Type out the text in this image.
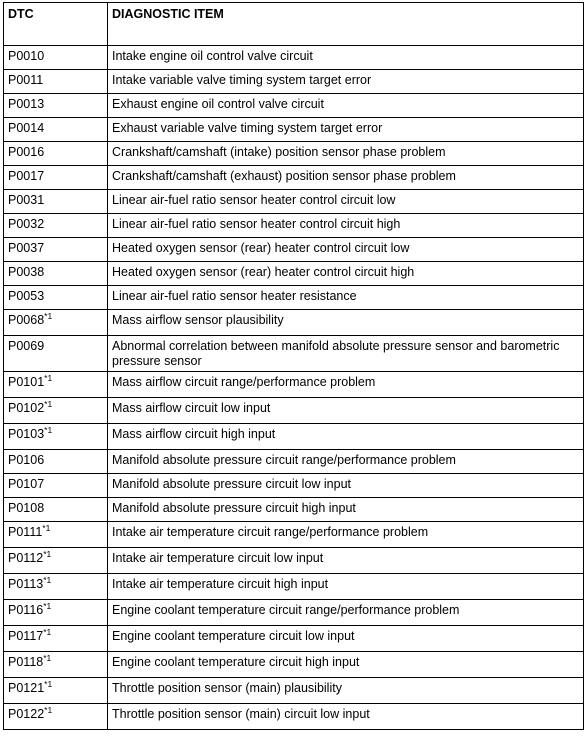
DTC	DIAGNOSTIC ITEM
P0010	Intake engine oil control valve circuit
P0011	Intake variable valve timing system target error
P0013	Exhaust engine oil control valve circuit
P0014	Exhaust variable valve timing system target error
P0016	Crankshaft/camshaft (intake) position sensor phase problem
P0017	Crankshaft/camshaft (exhaust) position sensor phase problem
P0031	Linear air-fuel ratio sensor heater control circuit low
P0032	Linear air-fuel ratio sensor heater control circuit high
P0037	Heated oxygen sensor (rear) heater control circuit low
P0038	Heated oxygen sensor (rear) heater control circuit high
P0053	Linear air-fuel ratio sensor heater resistance
P0068$^{*1}$	Mass airflow sensor plausibility
P0069	Abnormal correlation between manifold absolute pressure sensor and barometric pressure sensor
P0101$^{*1}$	Mass airflow circuit range/performance problem
P0102$^{*1}$	Mass airflow circuit low input
P0103$^{*1}$	Mass airflow circuit high input
P0106	Manifold absolute pressure circuit range/performance problem
P0107	Manifold absolute pressure circuit low input
P0108	Manifold absolute pressure circuit high input
P0111$^{*1}$	Intake air temperature circuit range/performance problem
P0112$^{*1}$	Intake air temperature circuit low input
P0113$^{*1}$	Intake air temperature circuit high input
P0116$^{*1}$	Engine coolant temperature circuit range/performance problem
P0117$^{*1}$	Engine coolant temperature circuit low input
P0118$^{*1}$	Engine coolant temperature circuit high input
P0121$^{*1}$	Throttle position sensor (main) plausibility
P0122$^{*1}$	Throttle position sensor (main) circuit low input
